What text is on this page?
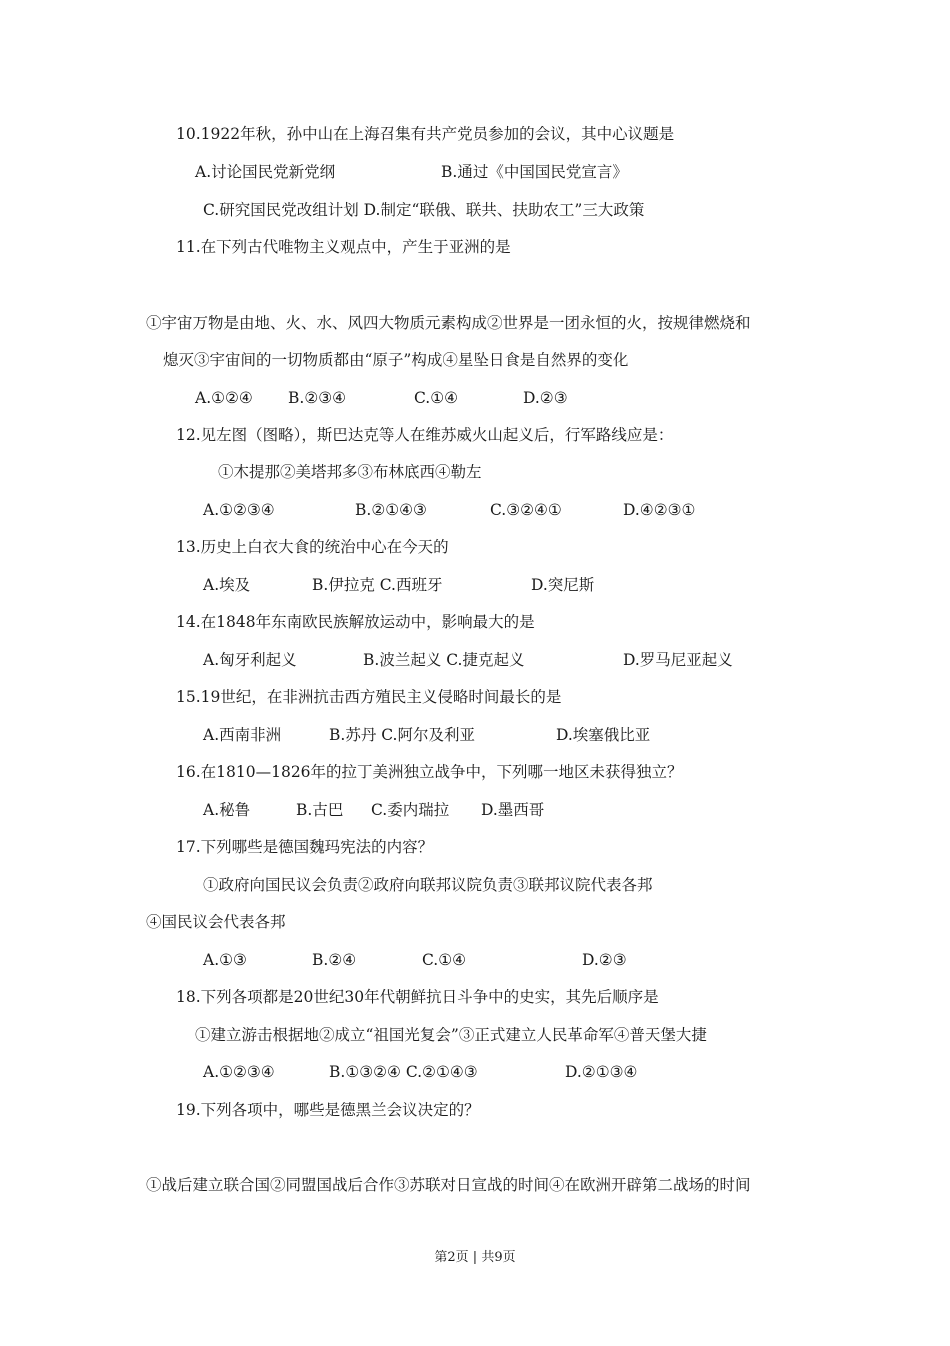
10.1922年秋，孙中山在上海召集有共产党员参加的会议，其中心议题是
A.讨论国民党新党纲	B.通过《中国国民党宣言》
C.研究国民党改组计划 D.制定“联俄、联共、扶助农工”三大政策
11.在下列古代唯物主义观点中，产生于亚洲的是
①宇宙万物是由地、火、水、风四大物质元素构成②世界是一团永恒的火，按规律燃烧和
熄灭③宇宙间的一切物质都由“原子”构成④星坠日食是自然界的变化
A.①②④ B.②③④	C.①④	D.②③
12.见左图（图略），斯巴达克等人在维苏威火山起义后，行军路线应是：
①木提那②美塔邦多③布林底西④勒左
A.①②③④	B.②①④③	C.③②④①	D.④②③①
13.历史上白衣大食的统治中心在今天的
A.埃及	B.伊拉克 C.西班牙	D.突尼斯
14.在1848年东南欧民族解放运动中，影响最大的是
A.匈牙利起义	B.波兰起义 C.捷克起义	D.罗马尼亚起义
15.19世纪，在非洲抗击西方殖民主义侵略时间最长的是
A.西南非洲	B.苏丹 C.阿尔及利亚	D.埃塞俄比亚
16.在1810—1826年的拉丁美洲独立战争中，下列哪一地区未获得独立？
A.秘鲁	B.古巴 C.委内瑞拉 D.墨西哥
17.下列哪些是德国魏玛宪法的内容？
①政府向国民议会负责②政府向联邦议院负责③联邦议院代表各邦
④国民议会代表各邦
A.①③	B.②④	C.①④	D.②③
18.下列各项都是20世纪30年代朝鲜抗日斗争中的史实，其先后顺序是
①建立游击根据地②成立“祖国光复会”③正式建立人民革命军④普天堡大捷
A.①②③④	B.①③②④ C.②①④③	D.②①③④
19.下列各项中，哪些是德黑兰会议决定的？
①战后建立联合国②同盟国战后合作③苏联对日宣战的时间④在欧洲开辟第二战场的时间
第2页 | 共9页
